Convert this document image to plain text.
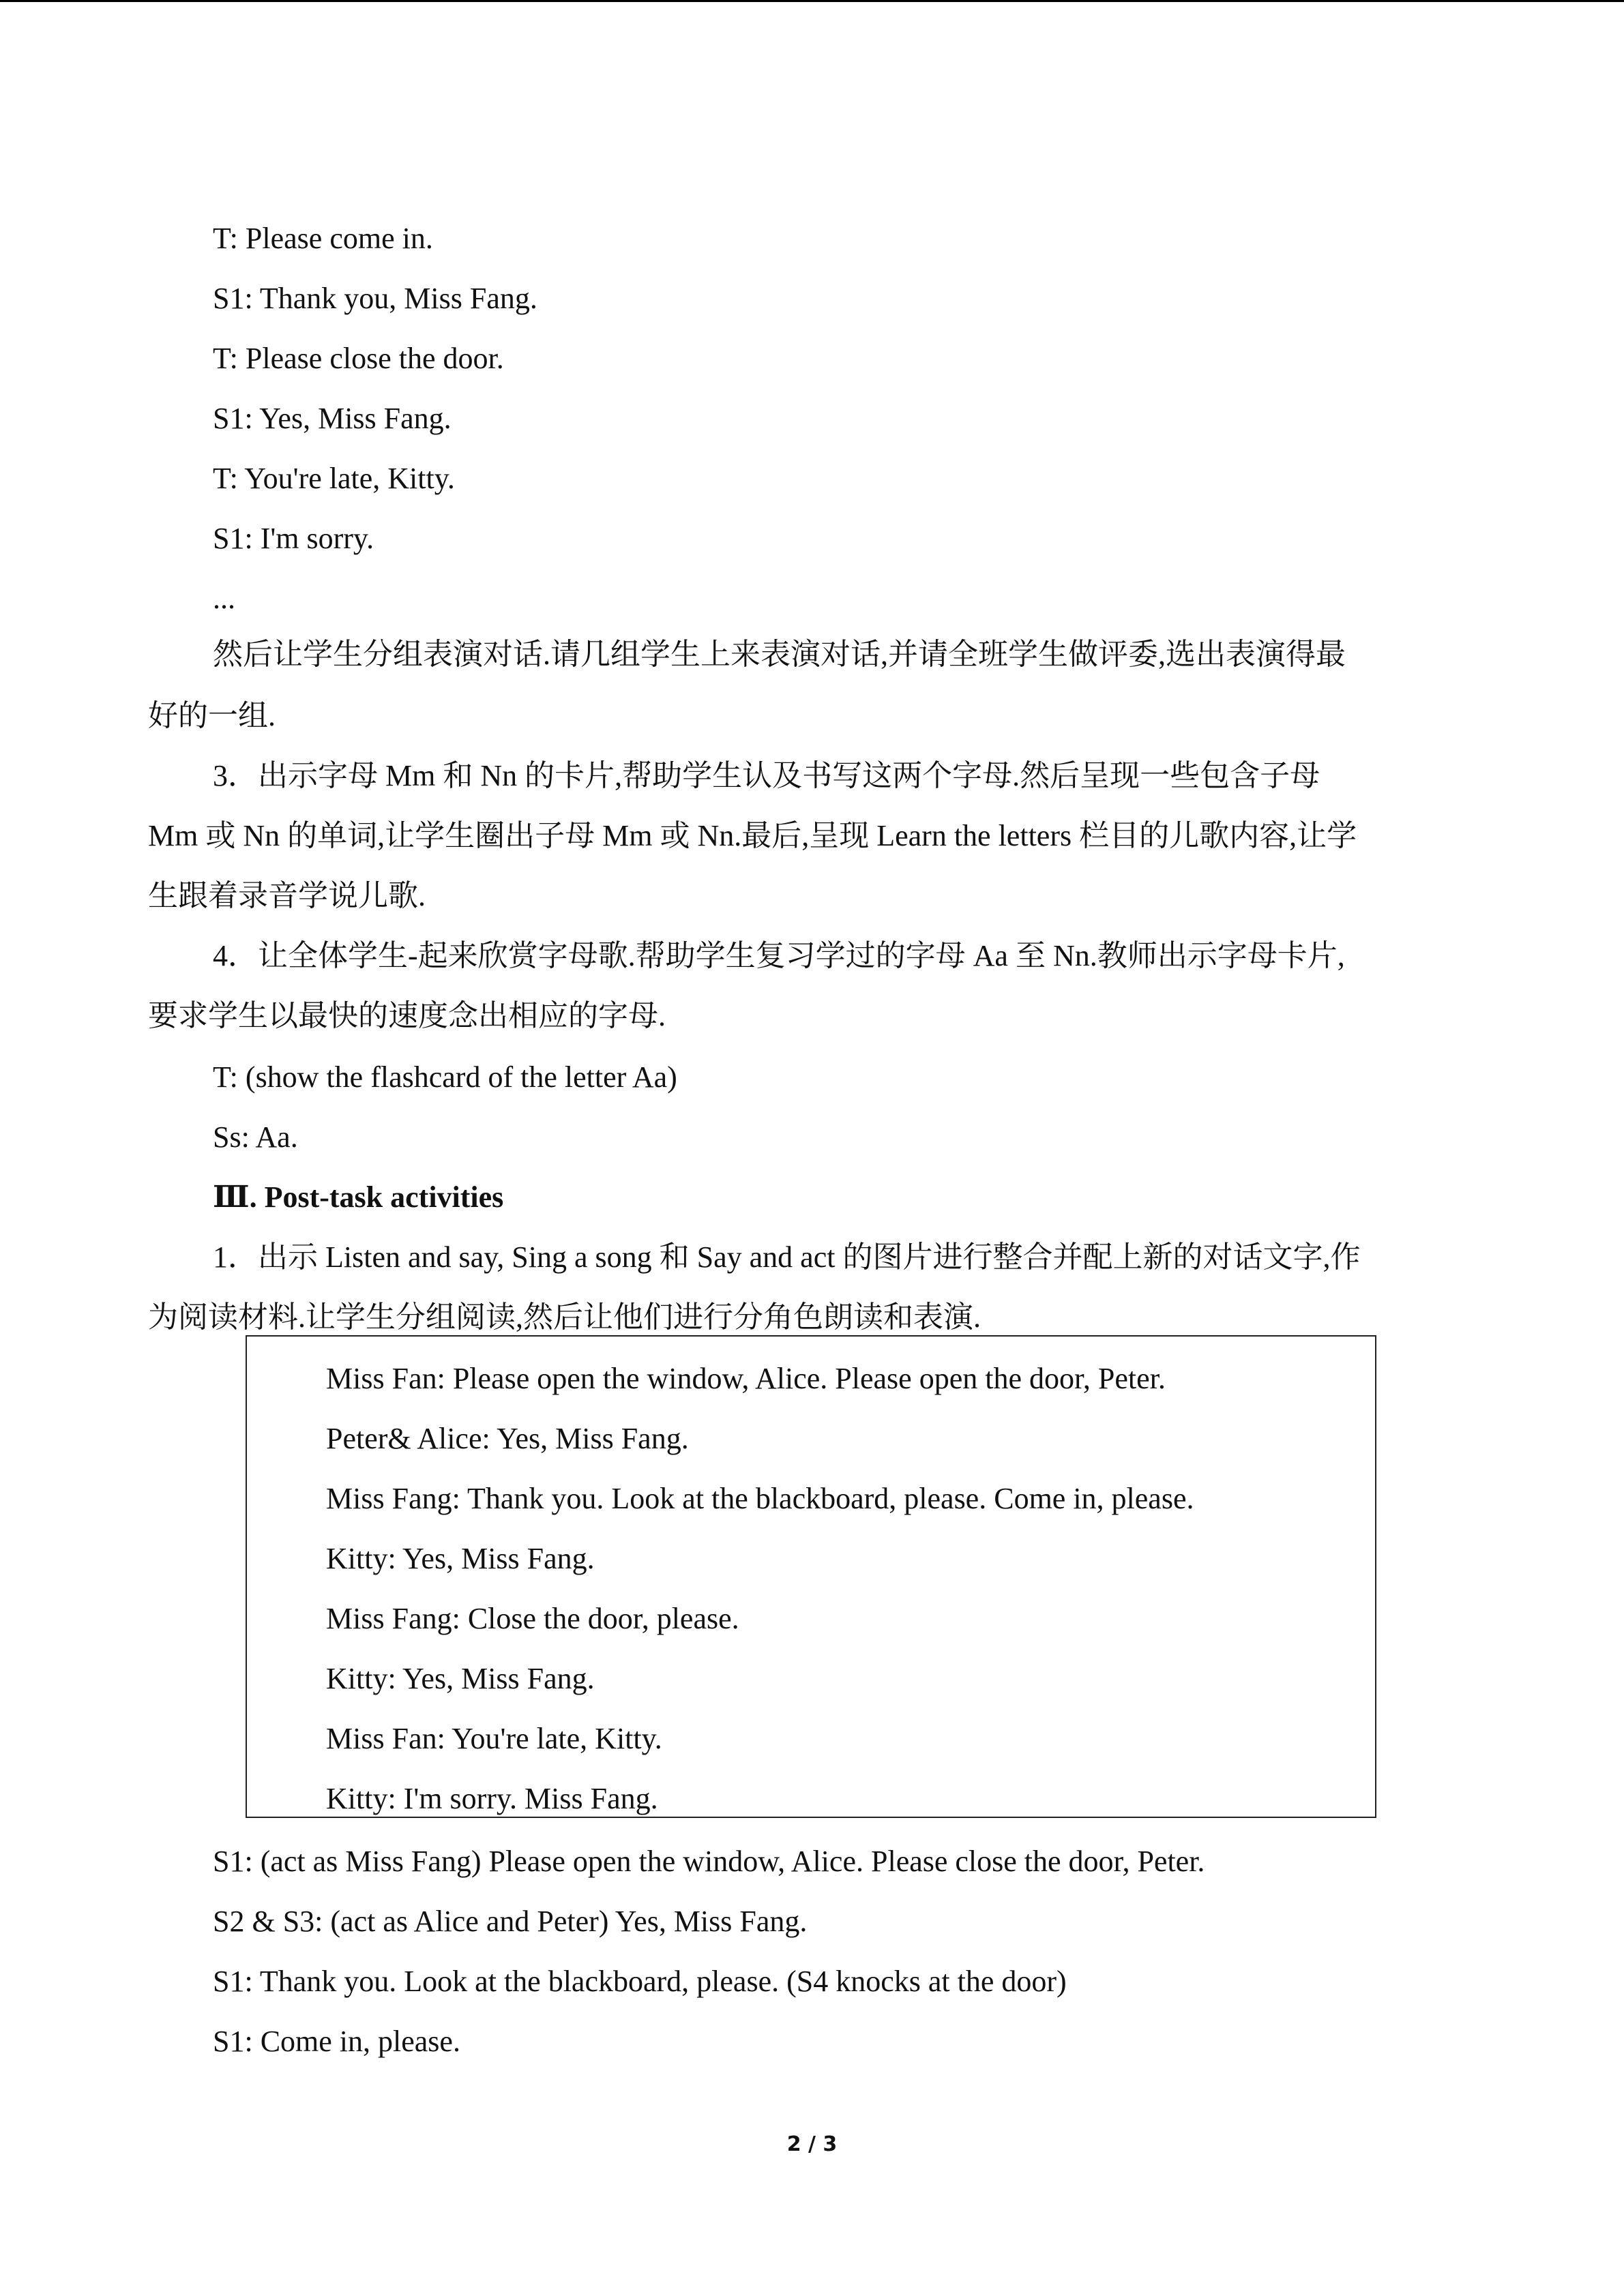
T: Please come in.
S1: Thank you, Miss Fang.
T: Please close the door.
S1: Yes, Miss Fang.
T: You're late, Kitty.
S1: I'm sorry.
...
然后让学生分组表演对话.请几组学生上来表演对话,并请全班学生做评委,选出表演得最
好的一组.
3．出示字母 Mm 和 Nn 的卡片,帮助学生认及书写这两个字母.然后呈现一些包含子母
Mm 或 Nn 的单词,让学生圈出子母 Mm 或 Nn.最后,呈现 Learn the letters 栏目的儿歌内容,让学
生跟着录音学说儿歌.
4．让全体学生-起来欣赏字母歌.帮助学生复习学过的字母 Aa 至 Nn.教师出示字母卡片,
要求学生以最快的速度念出相应的字母.
T: (show the flashcard of the letter Aa)
Ss: Aa.
Ⅲ. Post-task activities
1．出示 Listen and say, Sing a song 和 Say and act 的图片进行整合并配上新的对话文字,作
为阅读材料.让学生分组阅读,然后让他们进行分角色朗读和表演.
Miss Fan: Please open the window, Alice. Please open the door, Peter.
Peter& Alice: Yes, Miss Fang.
Miss Fang: Thank you. Look at the blackboard, please. Come in, please.
Kitty: Yes, Miss Fang.
Miss Fang: Close the door, please.
Kitty: Yes, Miss Fang.
Miss Fan: You're late, Kitty.
Kitty: I'm sorry. Miss Fang.
S1: (act as Miss Fang) Please open the window, Alice. Please close the door, Peter.
S2 & S3: (act as Alice and Peter) Yes, Miss Fang.
S1: Thank you. Look at the blackboard, please. (S4 knocks at the door)
S1: Come in, please.
2 / 3
